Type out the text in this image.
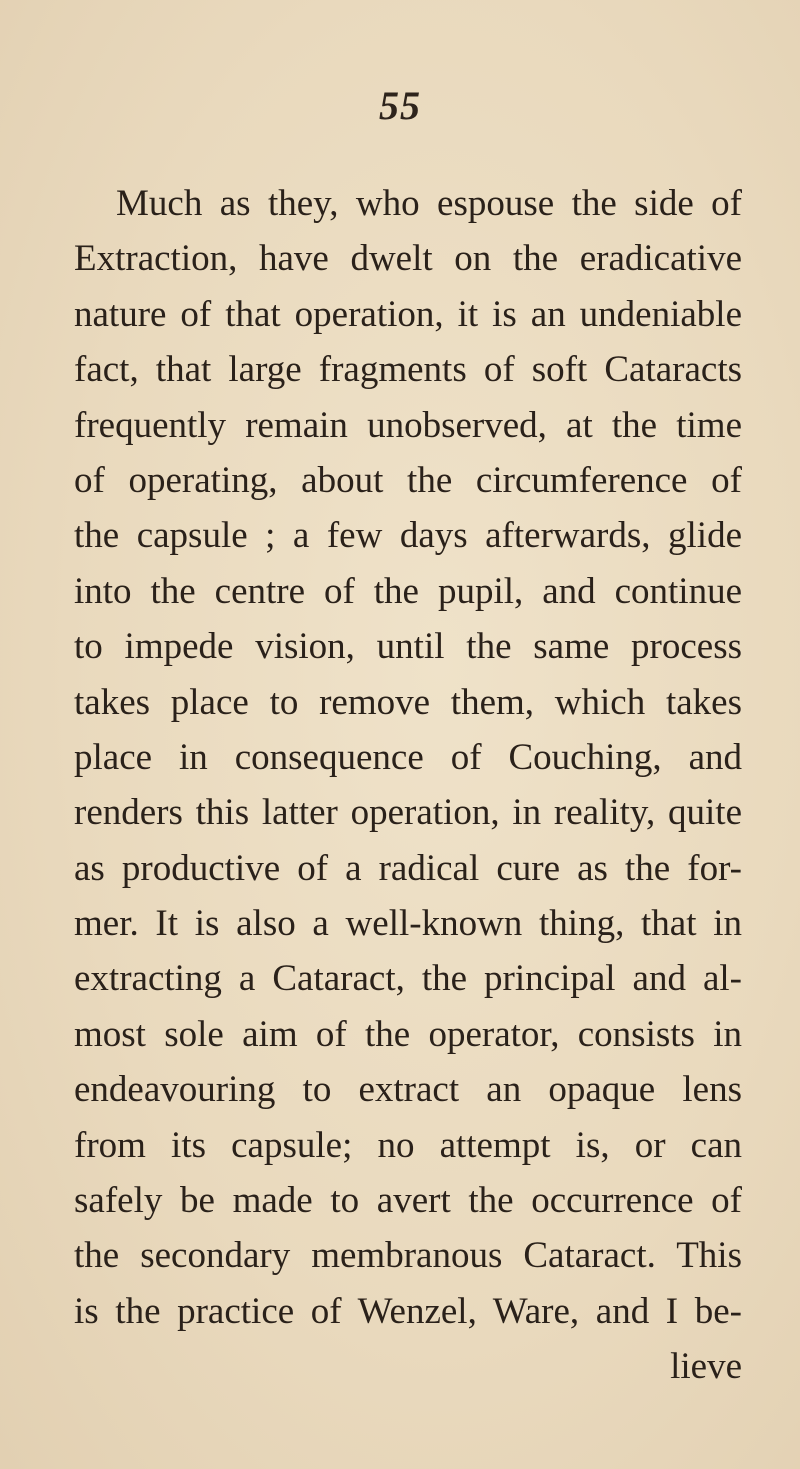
55
Much as they, who espouse the side of
Extraction, have dwelt on the eradicative
nature of that operation, it is an undeniable
fact, that large fragments of soft Cataracts
frequently remain unobserved, at the time
of operating, about the circumference of
the capsule ; a few days afterwards, glide
into the centre of the pupil, and continue
to impede vision, until the same process
takes place to remove them, which takes
place in consequence of Couching, and
renders this latter operation, in reality, quite
as productive of a radical cure as the for-
mer. It is also a well-known thing, that in
extracting a Cataract, the principal and al-
most sole aim of the operator, consists in
endeavouring to extract an opaque lens
from its capsule; no attempt is, or can
safely be made to avert the occurrence of
the secondary membranous Cataract. This
is the practice of Wenzel, Ware, and I be-
lieve
